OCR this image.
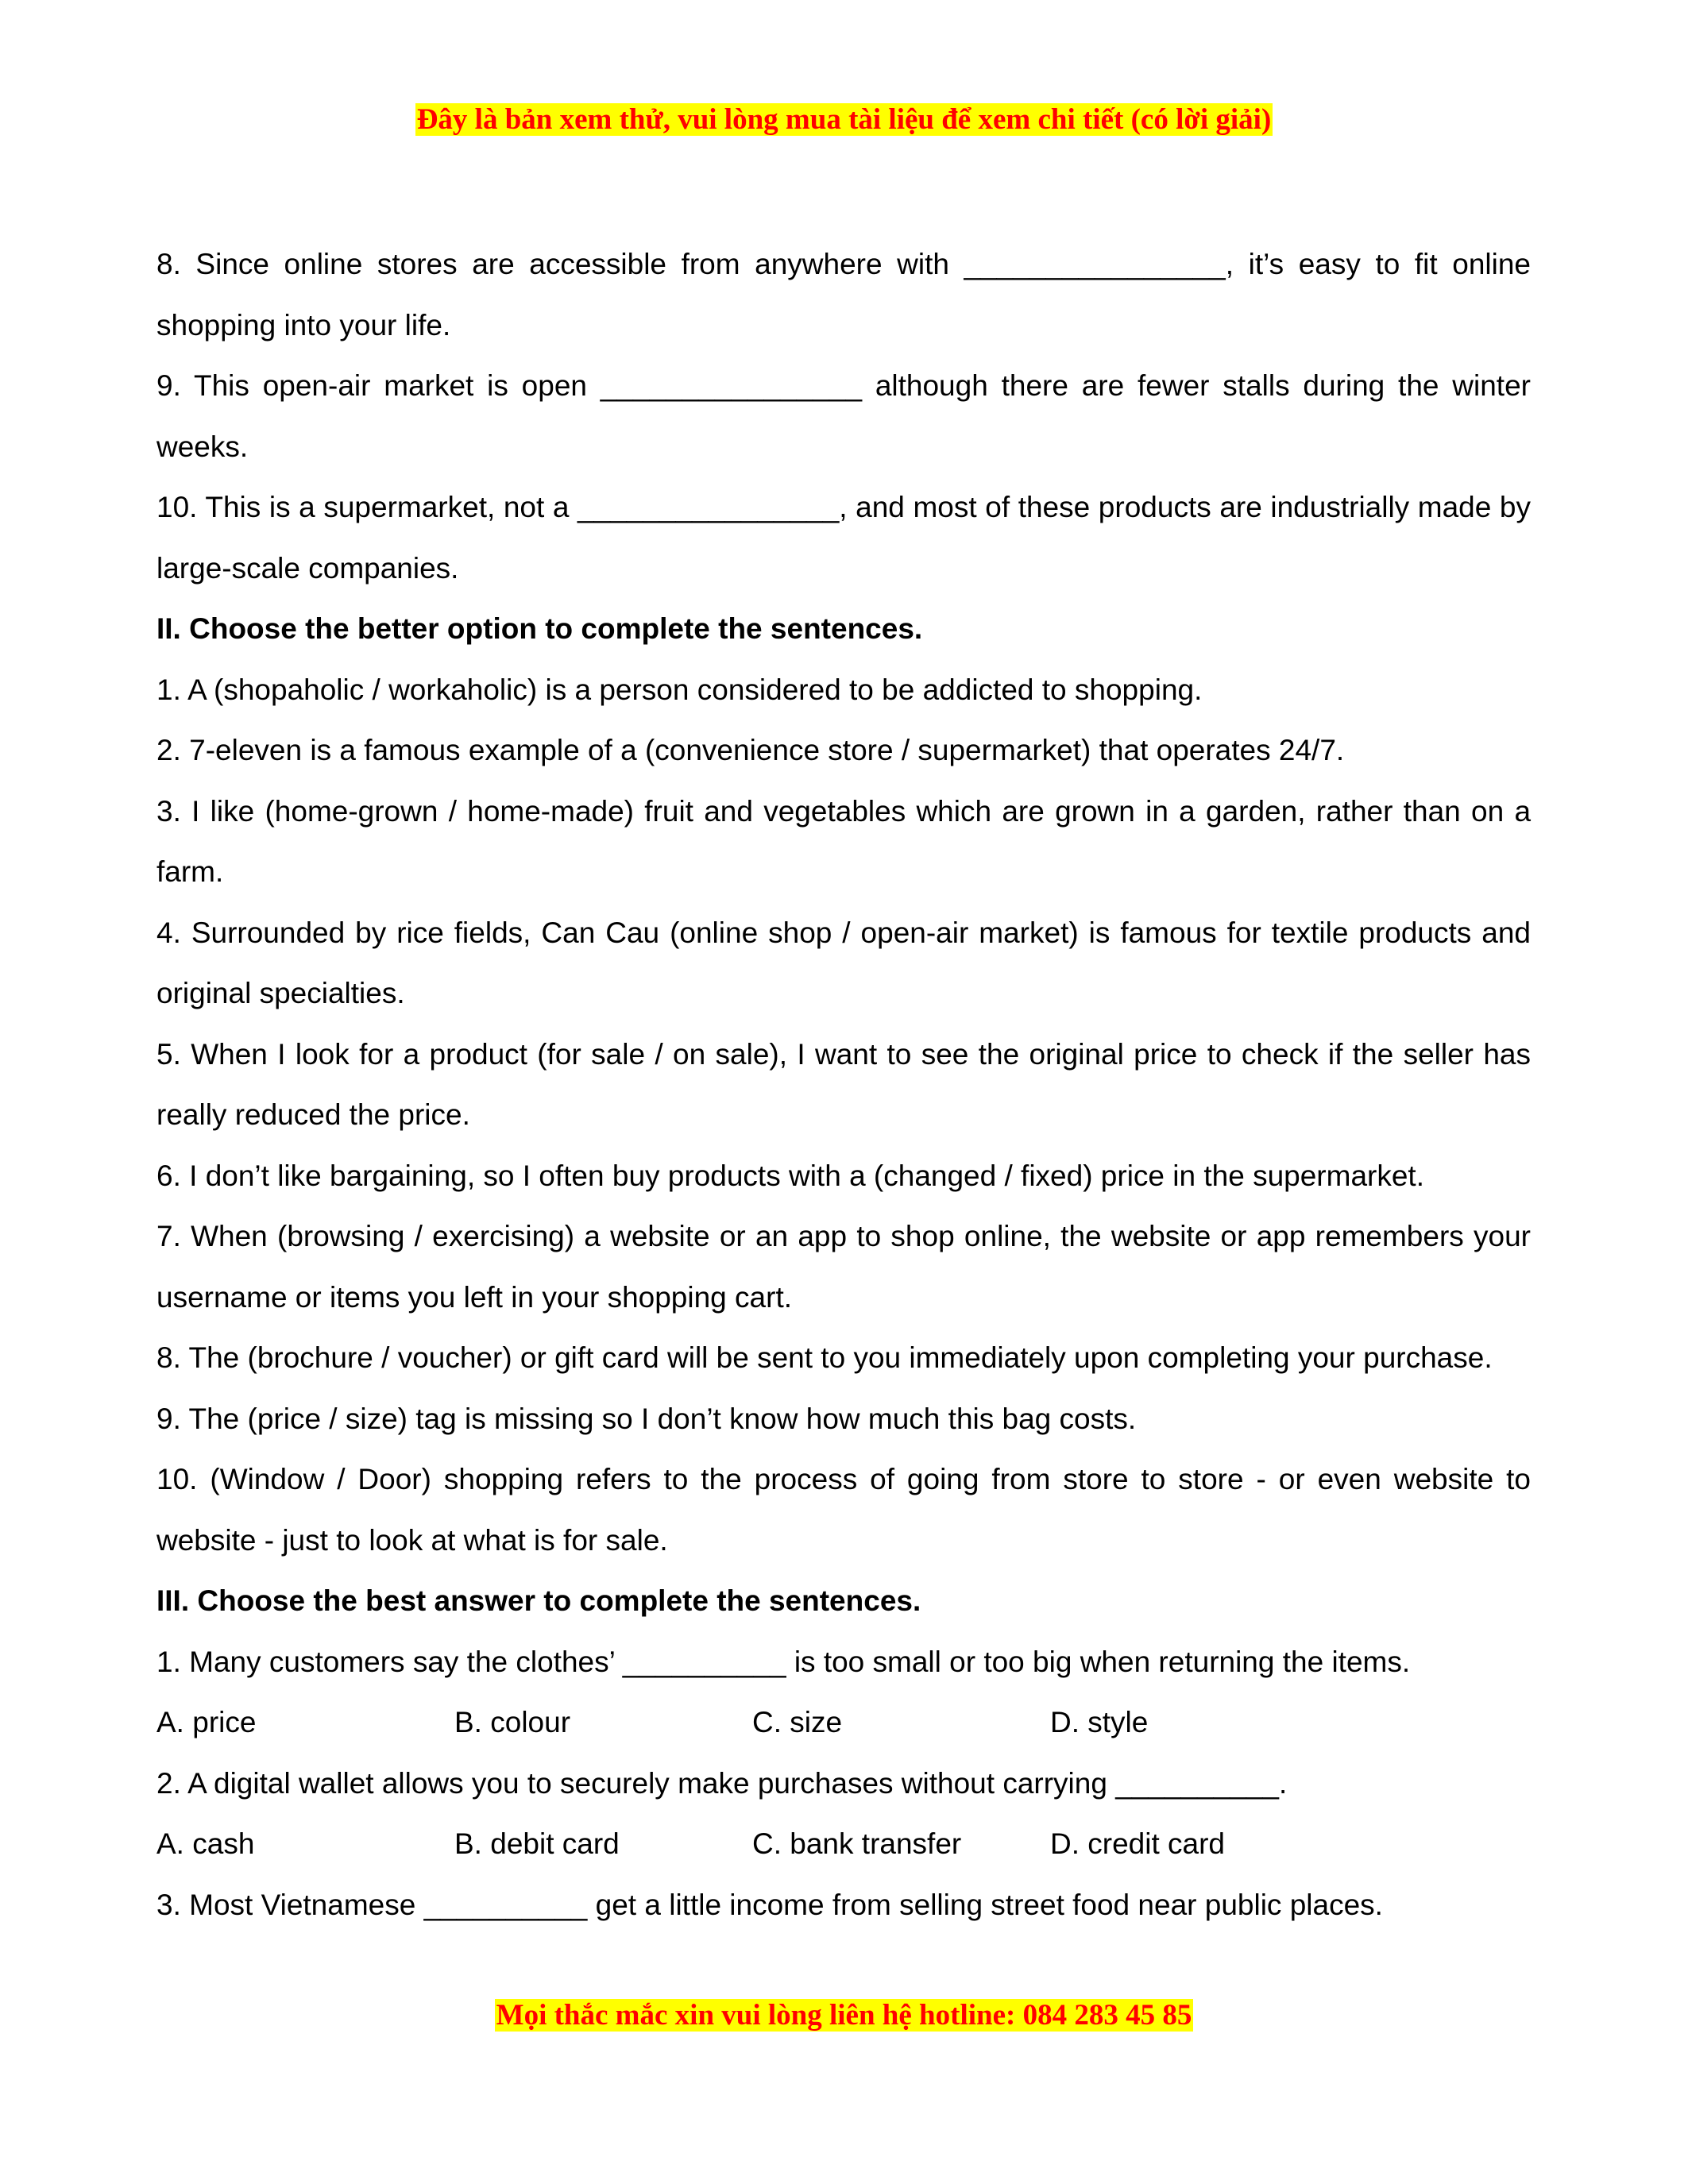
Đây là bản xem thử, vui lòng mua tài liệu để xem chi tiết (có lời giải)

8. Since online stores are accessible from anywhere with ________________, it’s easy to fit online shopping into your life.

9. This open-air market is open ________________ although there are fewer stalls during the winter weeks.

10. This is a supermarket, not a ________________, and most of these products are industrially made by large-scale companies.

II. Choose the better option to complete the sentences.

1. A (shopaholic / workaholic) is a person considered to be addicted to shopping.

2. 7-eleven is a famous example of a (convenience store / supermarket) that operates 24/7.

3. I like (home-grown / home-made) fruit and vegetables which are grown in a garden, rather than on a farm.

4. Surrounded by rice fields, Can Cau (online shop / open-air market) is famous for textile products and original specialties.

5. When I look for a product (for sale / on sale), I want to see the original price to check if the seller has really reduced the price.

6. I don’t like bargaining, so I often buy products with a (changed / fixed) price in the supermarket.

7. When (browsing / exercising) a website or an app to shop online, the website or app remembers your username or items you left in your shopping cart.

8. The (brochure / voucher) or gift card will be sent to you immediately upon completing your purchase.

9. The (price / size) tag is missing so I don’t know how much this bag costs.

10. (Window / Door) shopping refers to the process of going from store to store - or even website to website - just to look at what is for sale.

III. Choose the best answer to complete the sentences.

1. Many customers say the clothes’ __________ is too small or too big when returning the items.

A. price	B. colour	C. size	D. style

2. A digital wallet allows you to securely make purchases without carrying __________.

A. cash	B. debit card	C. bank transfer	D. credit card

3. Most Vietnamese __________ get a little income from selling street food near public places.

Mọi thắc mắc xin vui lòng liên hệ hotline: 084 283 45 85
